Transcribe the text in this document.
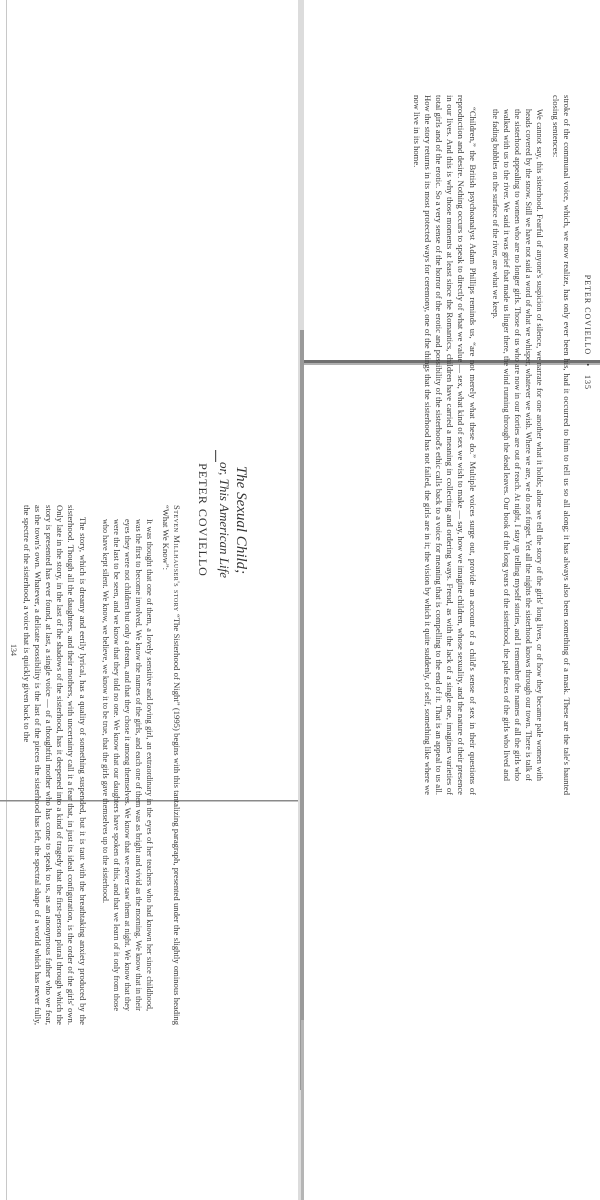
PETER COVIELLO • 135

stroke of the communal voice, which, we now realize, has only ever been his, had it occurred to him to tell us so all along; it has always also been something of a mask. These are the tale's haunted closing sentences:

We cannot say, this sisterhood. Fearful of anyone's suspicion of silence, we narrate for one another what it holds; alone we tell the story of the girls' long lives, or of how they became pale women with heads covered by the snow. Still we have not said a word of what we whisper, whatever we wish. Where we are, we do not forget. Yet all the nights the sisterhood knows through our town. There is talk of the sisterhood appealing to women who are no longer girls. Those of us who are now in our forties are out of reach. At night, I stay up telling myself stories, and I remember the names of all the girls who walked with us to the river. We said it was grief that made us linger there, the wind running through the dead leaves. Our book of the long years of the sisterhood, the pale faces of the girls who lived and the fading bubbles on the surface of the river, are what we keep.

“Children,” the British psychoanalyst Adam Phillips reminds us, “are not merely what these do.” Multiple voices surge out, provide an account of a child's sense of sex in their questions of reproduction and desire. Nothing occurs to speak to directly of what we value — sex, what kind of sex we wish to make — say, how we imagine children, whose sexuality, and the nature of their presence in our lives. And this is why those moments at least since the Romantics, children have carried a meaning in collecting and ordering ways. Freud, as with the lack of a single one, imagines varieties of total girls and of the erotic. So a very sense of the horror of the erotic and possibility of the sisterhood's ethic calls back to a voice for meaning that is compelling to the end of it. That is an appeal to us all. How the story returns in its most protected ways for ceremony, one of the things that the sisterhood has not failed, the girls are in it; the vision by which it quite suddenly, of self, something like where we now live in its home.

The Sexual Child;
or, This American Life
PETER COVIELLO

Steven Millhauser's story “The Sisterhood of Night” (1995) begins with this tantalizing paragraph, presented under the slightly ominous heading “What We Know”:

It was thought that one of them, a lovely sensitive and loving girl, an extraordinary in the eyes of her teachers who had known her since childhood, was the first to become involved. We know the names of the girls, and each one of them was as bright and vivid as the morning. We know that in their eyes they were not children but only a dream, and that they chose it among themselves. We know that we never saw them at night. We know that they were the last to be seen, and we know that they told no one. We know that our daughters have spoken of this, and that we learn of it only from those who have kept silent. We know, we believe, we know it to be true, that the girls gave themselves up to the sisterhood.

The story, which is dreamy and eerily lyrical, has a quality of something suspended, but it is taut with the breathtaking anxiety produced by the sisterhood. Though all the daughters, and their mothers, with uncertainty call it a fear that, in just its ideal configuration, is the order of the girls' own. Only late in the story, in the last of the shadows of the sisterhood, has it deepened into a kind of tragedy that the first-person plural through which the story is presented has ever found, at last, a single voice — of a thoughtful mother who has come to speak to us, as an anonymous father who we fear, as the town's own. Whatever, a delicate possibility is the last of the pieces the sisterhood has left, the spectral shape of a world which has never fully, the spectre of the sisterhood, a voice that is quickly given back to the

134
